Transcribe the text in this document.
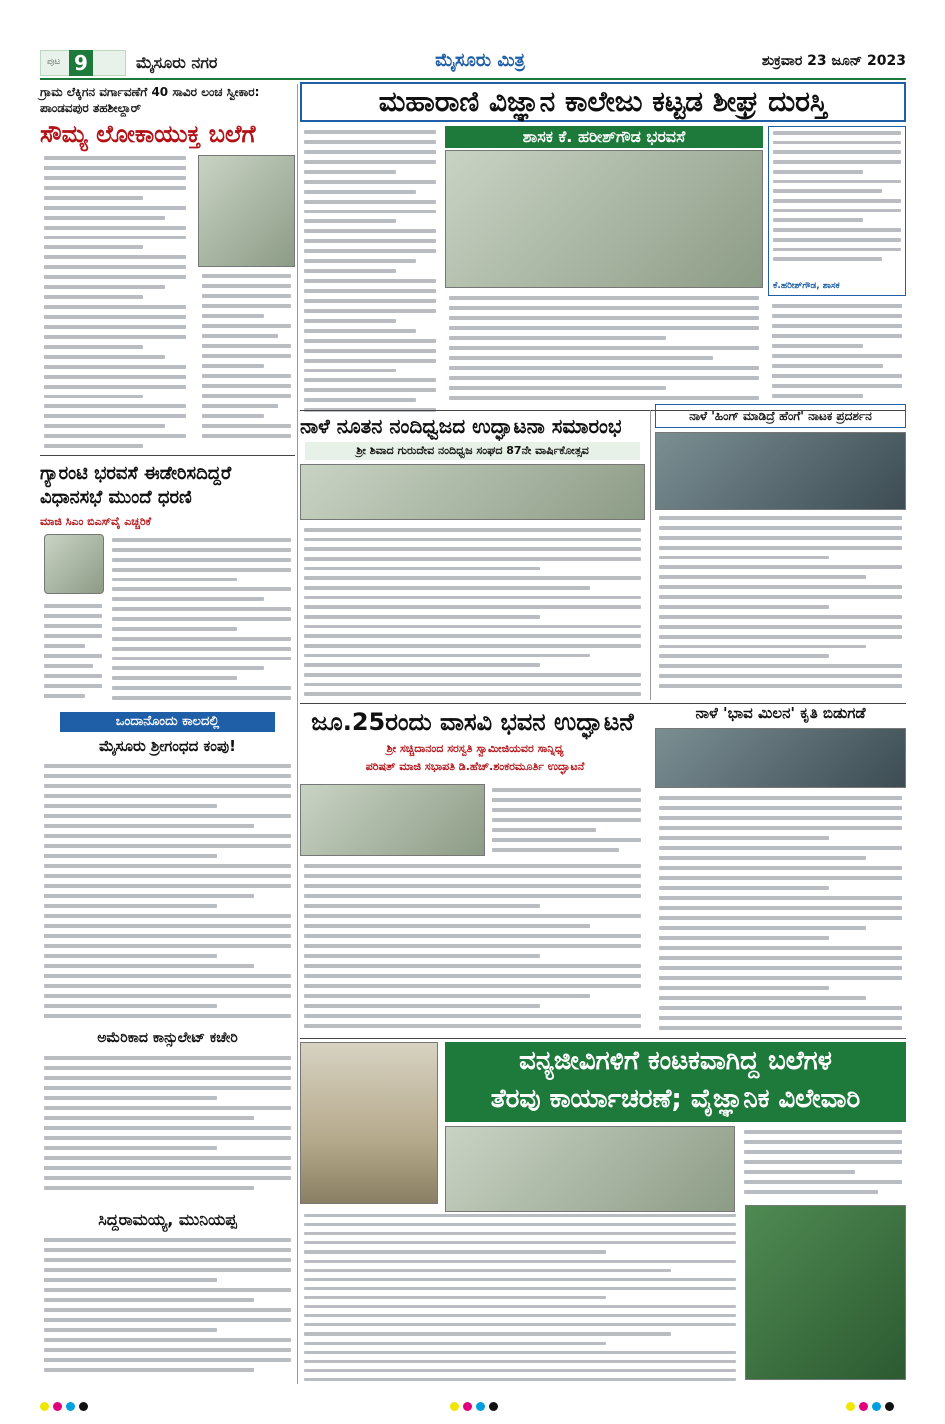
ಪುಟ 9	ಮೈಸೂರು ನಗರ	ಮೈಸೂರು ಮಿತ್ರ	ಶುಕ್ರವಾರ 23 ಜೂನ್ 2023
ಗ್ರಾಮ ಲೆಕ್ಕಿಗನ ವರ್ಗಾವಣೆಗೆ 40 ಸಾವಿರ ಲಂಚ ಸ್ವೀಕಾರ: ಪಾಂಡವಪುರ ತಹಶೀಲ್ದಾರ್
ಸೌಮ್ಯ ಲೋಕಾಯುಕ್ತ ಬಲೆಗೆ
ಗ್ಯಾರಂಟಿ ಭರವಸೆ ಈಡೇರಿಸದಿದ್ದರೆ ವಿಧಾನಸಭೆ ಮುಂದೆ ಧರಣಿ
ಮಾಜಿ ಸಿಎಂ ಬಿಎಸ್‌ವೈ ಎಚ್ಚರಿಕೆ
ಒಂದಾನೊಂದು ಕಾಲದಲ್ಲಿ
ಮೈಸೂರು ಶ್ರೀಗಂಧದ ಕಂಪು!
ಅಮೆರಿಕಾದ ಕಾನ್ಸುಲೇಟ್ ಕಚೇರಿ
ಸಿದ್ದರಾಮಯ್ಯ, ಮುನಿಯಪ್ಪ
ಮಹಾರಾಣಿ ವಿಜ್ಞಾನ ಕಾಲೇಜು ಕಟ್ಟಡ ಶೀಘ್ರ ದುರಸ್ತಿ
ಶಾಸಕ ಕೆ. ಹರೀಶ್‌ಗೌಡ ಭರವಸೆ
ಕೆ.ಹರೀಶ್‌ಗೌಡ, ಶಾಸಕ
ನಾಳೆ ನೂತನ ನಂದಿಧ್ವಜದ ಉದ್ಘಾಟನಾ ಸಮಾರಂಭ
ಶ್ರೀ ಶಿವಾದ ಗುರುದೇವ ನಂದಿಧ್ವಜ ಸಂಘದ 87ನೇ ವಾರ್ಷಿಕೋತ್ಸವ
ನಾಳೆ 'ಹಿಂಗ್ ಮಾಡಿದ್ರೆ ಹೆಂಗೆ' ನಾಟಕ ಪ್ರದರ್ಶನ
ಜೂ.25ರಂದು ವಾಸವಿ ಭವನ ಉದ್ಘಾಟನೆ
ಶ್ರೀ ಸಚ್ಚಿದಾನಂದ ಸರಸ್ವತಿ ಸ್ವಾಮೀಜಿಯವರ ಸಾನ್ನಿಧ್ಯ
ಪರಿಷತ್ ಮಾಜಿ ಸಭಾಪತಿ ಡಿ.ಹೆಚ್.ಶಂಕರಮೂರ್ತಿ ಉದ್ಘಾಟನೆ
ನಾಳೆ 'ಭಾವ ಮಿಲನ' ಕೃತಿ ಬಿಡುಗಡೆ
ವನ್ಯಜೀವಿಗಳಿಗೆ ಕಂಟಕವಾಗಿದ್ದ ಬಲೆಗಳ
ತೆರವು ಕಾರ್ಯಾಚರಣೆ; ವೈಜ್ಞಾನಿಕ ವಿಲೇವಾರಿ
